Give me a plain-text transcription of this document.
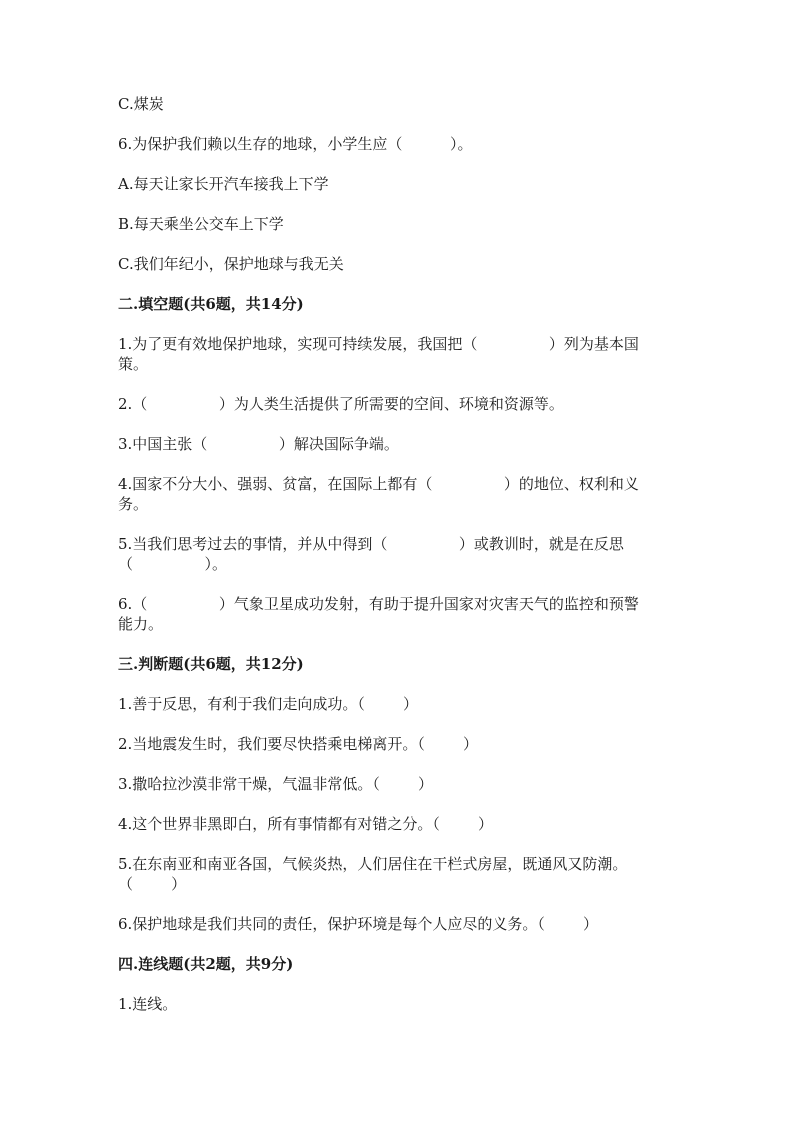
C.煤炭

6.为保护我们赖以生存的地球，小学生应（          ）。

A.每天让家长开汽车接我上下学

B.每天乘坐公交车上下学

C.我们年纪小，保护地球与我无关

二.填空题(共6题，共14分)

1.为了更有效地保护地球，实现可持续发展，我国把（               ）列为基本国

策。

2.（               ）为人类生活提供了所需要的空间、环境和资源等。

3.中国主张（               ）解决国际争端。

4.国家不分大小、强弱、贫富，在国际上都有（               ）的地位、权利和义

务。

5.当我们思考过去的事情，并从中得到（               ）或教训时，就是在反思

（               ）。

6.（               ）气象卫星成功发射，有助于提升国家对灾害天气的监控和预警

能力。

三.判断题(共6题，共12分)

1.善于反思，有利于我们走向成功。（        ）

2.当地震发生时，我们要尽快搭乘电梯离开。（        ）

3.撒哈拉沙漠非常干燥，气温非常低。（        ）

4.这个世界非黑即白，所有事情都有对错之分。（        ）

5.在东南亚和南亚各国，气候炎热，人们居住在干栏式房屋，既通风又防潮。

（        ）

6.保护地球是我们共同的责任，保护环境是每个人应尽的义务。（        ）

四.连线题(共2题，共9分)

1.连线。
